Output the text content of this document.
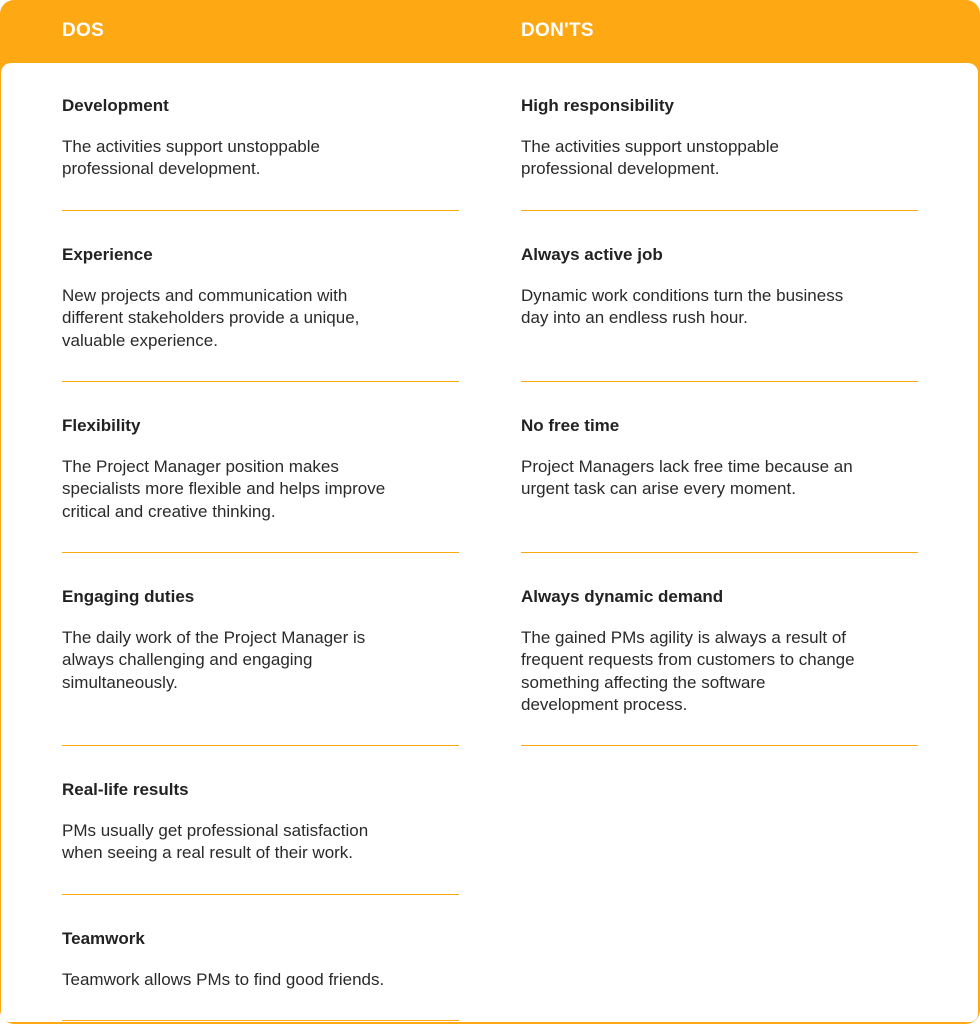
DOS	DON'TS
Development
The activities support unstoppable
professional development.
Experience
New projects and communication with
different stakeholders provide a unique,
valuable experience.
Flexibility
The Project Manager position makes
specialists more flexible and helps improve
critical and creative thinking.
Engaging duties
The daily work of the Project Manager is
always challenging and engaging
simultaneously.
Real-life results
PMs usually get professional satisfaction
when seeing a real result of their work.
Teamwork
Teamwork allows PMs to find good friends.
High responsibility
The activities support unstoppable
professional development.
Always active job
Dynamic work conditions turn the business
day into an endless rush hour.
No free time
Project Managers lack free time because an
urgent task can arise every moment.
Always dynamic demand
The gained PMs agility is always a result of
frequent requests from customers to change
something affecting the software
development process.
